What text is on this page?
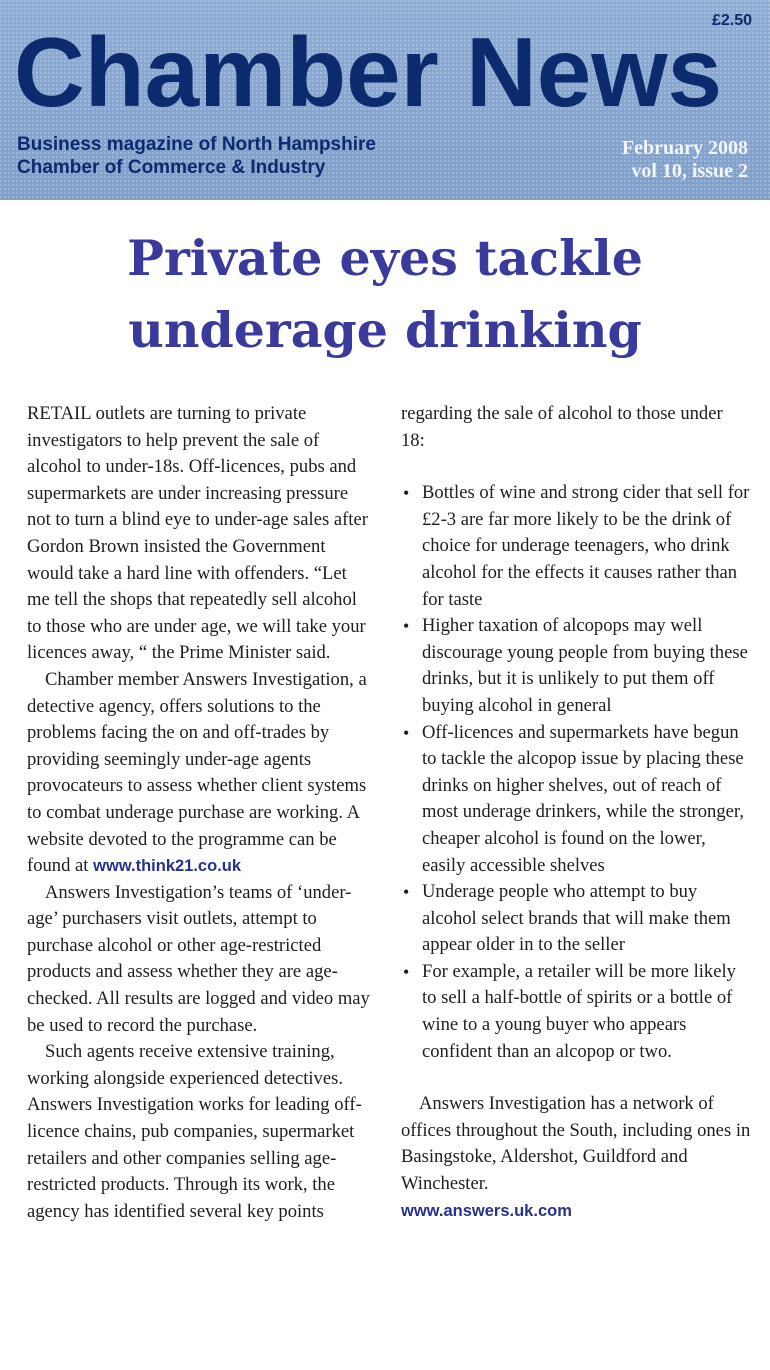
£2.50
Chamber News
Business magazine of North Hampshire
Chamber of Commerce & Industry
February 2008
vol 10, issue 2
Private eyes tackle
underage drinking

RETAIL outlets are turning to private investigators to help prevent the sale of alcohol to under-18s. Off-licences, pubs and supermarkets are under increasing pressure not to turn a blind eye to under-age sales after Gordon Brown insisted the Government would take a hard line with offenders. “Let me tell the shops that repeatedly sell alcohol to those who are under age, we will take your licences away, “ the Prime Minister said.

Chamber member Answers Investigation, a detective agency, offers solutions to the problems facing the on and off-trades by providing seemingly under-age agents provocateurs to assess whether client systems to combat underage purchase are working. A website devoted to the programme can be found at www.think21.co.uk

Answers Investigation’s teams of ‘under-age’ purchasers visit outlets, attempt to purchase alcohol or other age-restricted products and assess whether they are age-checked. All results are logged and video may be used to record the purchase.

Such agents receive extensive training, working alongside experienced detectives. Answers Investigation works for leading off-licence chains, pub companies, supermarket retailers and other companies selling age-restricted products. Through its work, the agency has identified several key points

regarding the sale of alcohol to those under 18:

• Bottles of wine and strong cider that sell for £2-3 are far more likely to be the drink of choice for underage teenagers, who drink alcohol for the effects it causes rather than for taste
• Higher taxation of alcopops may well discourage young people from buying these drinks, but it is unlikely to put them off buying alcohol in general
• Off-licences and supermarkets have begun to tackle the alcopop issue by placing these drinks on higher shelves, out of reach of most underage drinkers, while the stronger, cheaper alcohol is found on the lower, easily accessible shelves
• Underage people who attempt to buy alcohol select brands that will make them appear older in to the seller
• For example, a retailer will be more likely to sell a half-bottle of spirits or a bottle of wine to a young buyer who appears confident than an alcopop or two.

Answers Investigation has a network of offices throughout the South, including ones in Basingstoke, Aldershot, Guildford and Winchester.

www.answers.uk.com
